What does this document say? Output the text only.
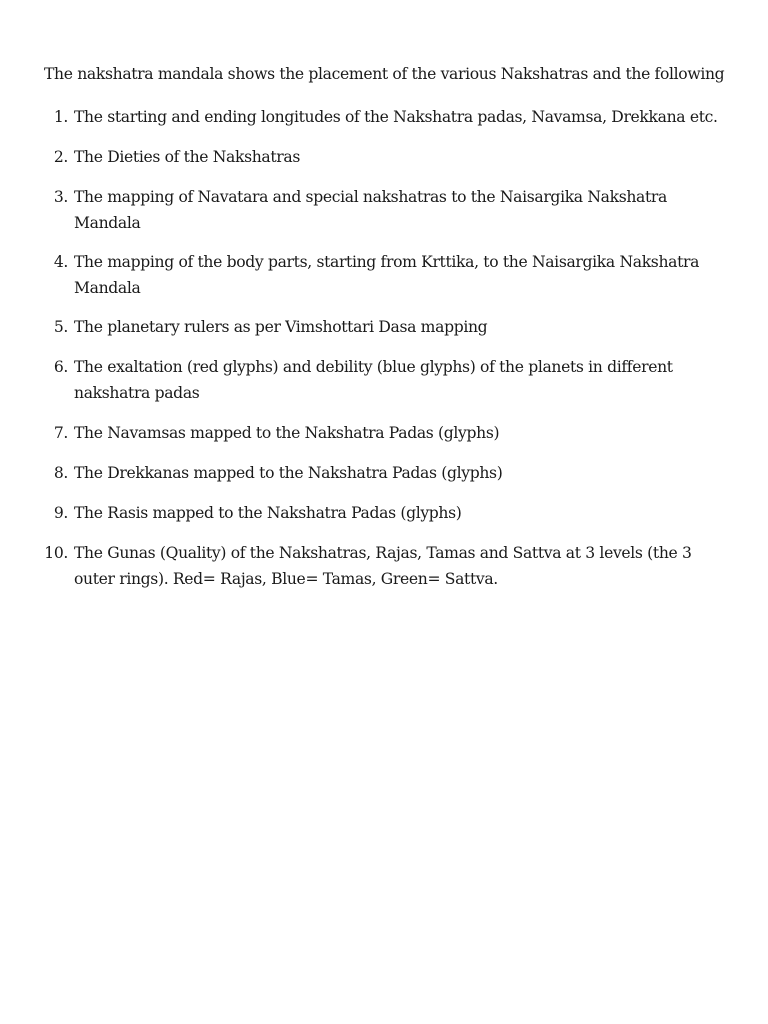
The nakshatra mandala shows the placement of the various Nakshatras and the following

1. The starting and ending longitudes of the Nakshatra padas, Navamsa, Drekkana etc.
2. The Dieties of the Nakshatras
3. The mapping of Navatara and special nakshatras to the Naisargika Nakshatra Mandala
4. The mapping of the body parts, starting from Krttika, to the Naisargika Nakshatra Mandala
5. The planetary rulers as per Vimshottari Dasa mapping
6. The exaltation (red glyphs) and debility (blue glyphs) of the planets in different nakshatra padas
7. The Navamsas mapped to the Nakshatra Padas (glyphs)
8. The Drekkanas mapped to the Nakshatra Padas (glyphs)
9. The Rasis mapped to the Nakshatra Padas (glyphs)
10. The Gunas (Quality) of the Nakshatras, Rajas, Tamas and Sattva at 3 levels (the 3 outer rings). Red= Rajas, Blue= Tamas, Green= Sattva.
